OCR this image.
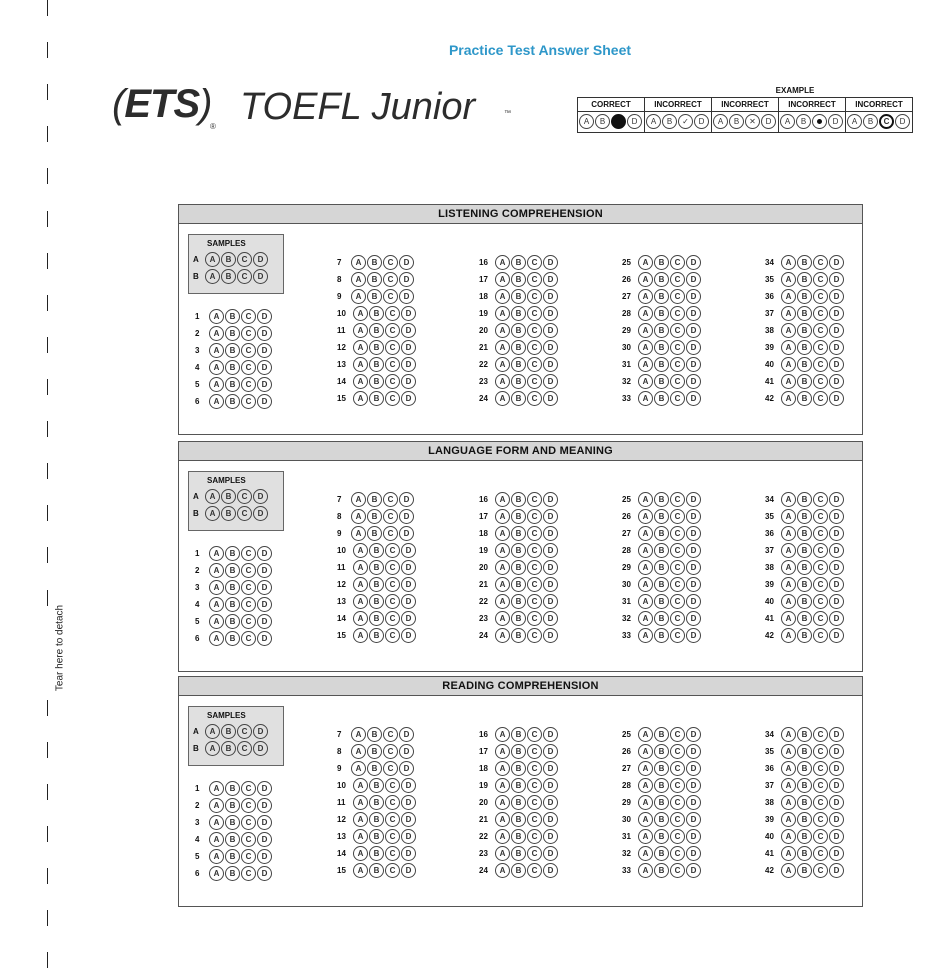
Tear here to detach
Practice Test Answer Sheet
(ETS)
® TOEFL Junior	™
EXAMPLE
CORRECT	INCORRECT	INCORRECT	INCORRECT	INCORRECT
A B C D	A B ✓ D	A B ✕ D	A B D	A B C D
LISTENING COMPREHENSION
SAMPLES
A A B C D
B A B C D
1	A	B	C	D
2	A	B	C	D
3	A	B	C	D
4	A	B	C	D
5	A	B	C	D
6	A	B	C	D
7	A	B	C	D
8	A	B	C	D
9	A	B	C	D
10	A	B	C	D
11	A	B	C	D
12	A	B	C	D
13	A	B	C	D
14	A	B	C	D
15	A	B	C	D
16	A	B	C	D
17	A	B	C	D
18	A	B	C	D
19	A	B	C	D
20	A	B	C	D
21	A	B	C	D
22	A	B	C	D
23	A	B	C	D
24	A	B	C	D
25	A	B	C	D
26	A	B	C	D
27	A	B	C	D
28	A	B	C	D
29	A	B	C	D
30	A	B	C	D
31	A	B	C	D
32	A	B	C	D
33	A	B	C	D
34	A	B	C	D
35	A	B	C	D
36	A	B	C	D
37	A	B	C	D
38	A	B	C	D
39	A	B	C	D
40	A	B	C	D
41	A	B	C	D
42	A	B	C	D
LANGUAGE FORM AND MEANING
SAMPLES
A A B C D
B A B C D
1	A	B	C	D
2	A	B	C	D
3	A	B	C	D
4	A	B	C	D
5	A	B	C	D
6	A	B	C	D
7	A	B	C	D
8	A	B	C	D
9	A	B	C	D
10	A	B	C	D
11	A	B	C	D
12	A	B	C	D
13	A	B	C	D
14	A	B	C	D
15	A	B	C	D
16	A	B	C	D
17	A	B	C	D
18	A	B	C	D
19	A	B	C	D
20	A	B	C	D
21	A	B	C	D
22	A	B	C	D
23	A	B	C	D
24	A	B	C	D
25	A	B	C	D
26	A	B	C	D
27	A	B	C	D
28	A	B	C	D
29	A	B	C	D
30	A	B	C	D
31	A	B	C	D
32	A	B	C	D
33	A	B	C	D
34	A	B	C	D
35	A	B	C	D
36	A	B	C	D
37	A	B	C	D
38	A	B	C	D
39	A	B	C	D
40	A	B	C	D
41	A	B	C	D
42	A	B	C	D
READING COMPREHENSION
SAMPLES
A A B C D
B A B C D
1	A	B	C	D
2	A	B	C	D
3	A	B	C	D
4	A	B	C	D
5	A	B	C	D
6	A	B	C	D
7	A	B	C	D
8	A	B	C	D
9	A	B	C	D
10	A	B	C	D
11	A	B	C	D
12	A	B	C	D
13	A	B	C	D
14	A	B	C	D
15	A	B	C	D
16	A	B	C	D
17	A	B	C	D
18	A	B	C	D
19	A	B	C	D
20	A	B	C	D
21	A	B	C	D
22	A	B	C	D
23	A	B	C	D
24	A	B	C	D
25	A	B	C	D
26	A	B	C	D
27	A	B	C	D
28	A	B	C	D
29	A	B	C	D
30	A	B	C	D
31	A	B	C	D
32	A	B	C	D
33	A	B	C	D
34	A	B	C	D
35	A	B	C	D
36	A	B	C	D
37	A	B	C	D
38	A	B	C	D
39	A	B	C	D
40	A	B	C	D
41	A	B	C	D
42	A	B	C	D
